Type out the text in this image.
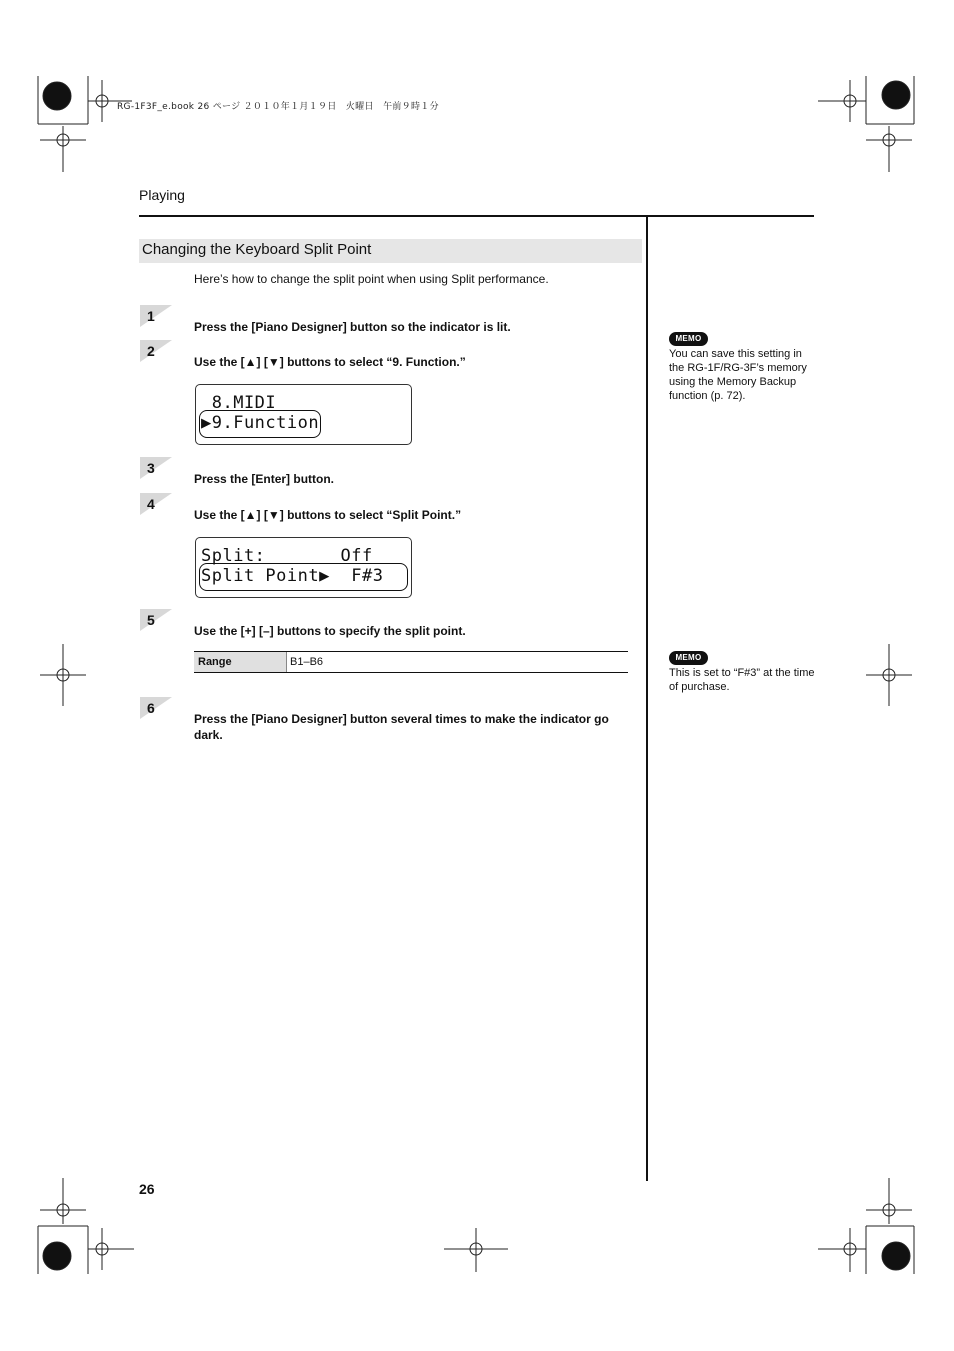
RG-1F3F_e.book 26 ページ ２０１０年１月１９日　火曜日　午前９時１分
Playing
Changing the Keyboard Split Point
Here’s how to change the split point when using Split performance.
1
Press the [Piano Designer] button so the indicator is lit.
2
Use the [▲] [▼] buttons to select “9. Function.”
8.MIDI
▶9.Function
3
Press the [Enter] button.
4
Use the [▲] [▼] buttons to select “Split Point.”
Split:       Off
Split Point▶  F#3
5
Use the [+] [–] buttons to specify the split point.
Range	B1–B6
6
Press the [Piano Designer] button several times to make the indicator go
dark.
MEMO
You can save this setting in
the RG-1F/RG-3F’s memory
using the Memory Backup
function (p. 72).
MEMO
This is set to “F#3” at the time
of purchase.
26
